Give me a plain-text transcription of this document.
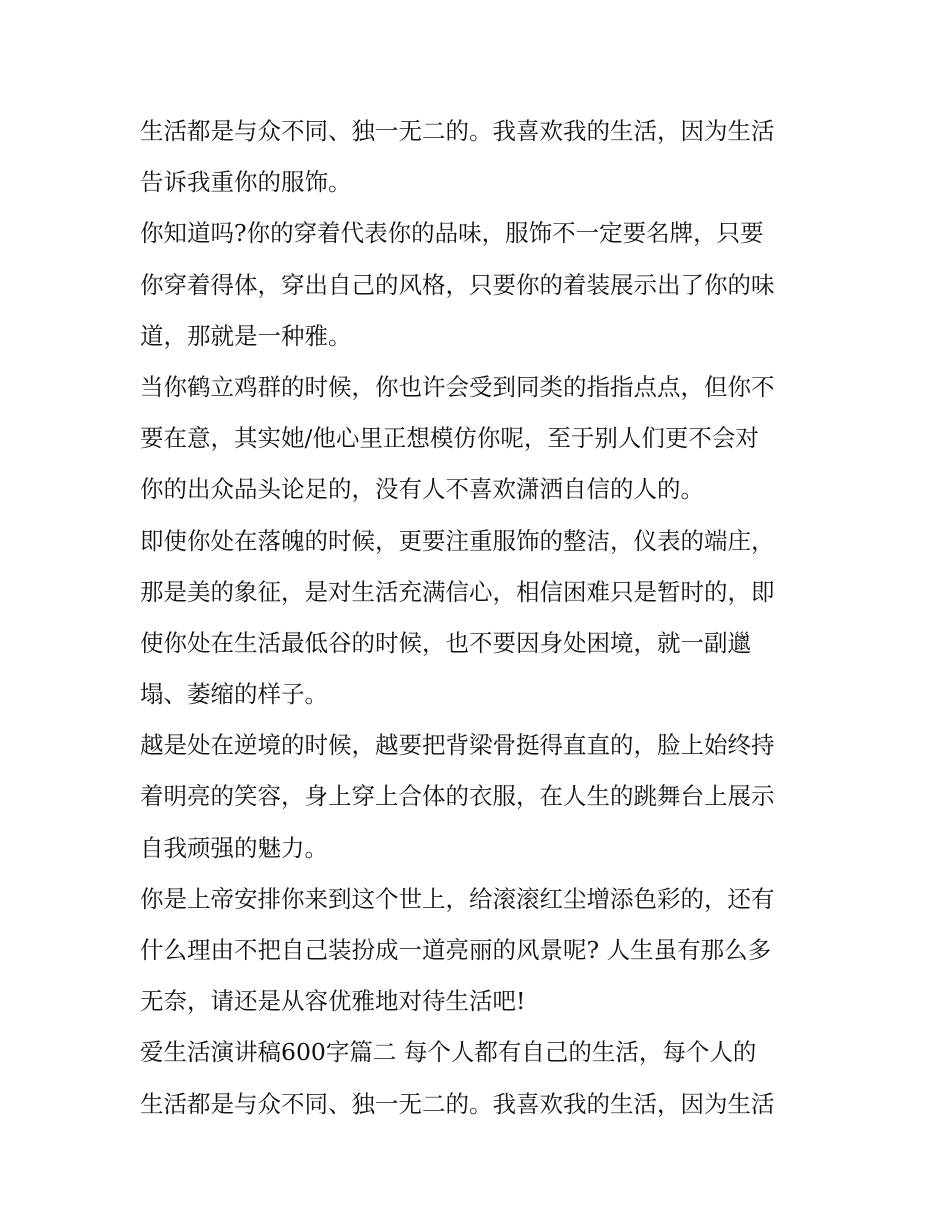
生活都是与众不同、独一无二的。我喜欢我的生活，因为生活
告诉我重你的服饰。
你知道吗?你的穿着代表你的品味，服饰不一定要名牌，只要
你穿着得体，穿出自己的风格，只要你的着装展示出了你的味
道，那就是一种雅。
当你鹤立鸡群的时候，你也许会受到同类的指指点点，但你不
要在意，其实她/他心里正想模仿你呢，至于别人们更不会对
你的出众品头论足的，没有人不喜欢潇洒自信的人的。
即使你处在落魄的时候，更要注重服饰的整洁，仪表的端庄，
那是美的象征，是对生活充满信心，相信困难只是暂时的，即
使你处在生活最低谷的时候，也不要因身处困境，就一副邋
塌、萎缩的样子。
越是处在逆境的时候，越要把背梁骨挺得直直的，脸上始终持
着明亮的笑容，身上穿上合体的衣服，在人生的跳舞台上展示
自我顽强的魅力。
你是上帝安排你来到这个世上，给滚滚红尘增添色彩的，还有
什么理由不把自己装扮成一道亮丽的风景呢? 人生虽有那么多
无奈，请还是从容优雅地对待生活吧!
爱生活演讲稿600字篇二 每个人都有自己的生活，每个人的
生活都是与众不同、独一无二的。我喜欢我的生活，因为生活
